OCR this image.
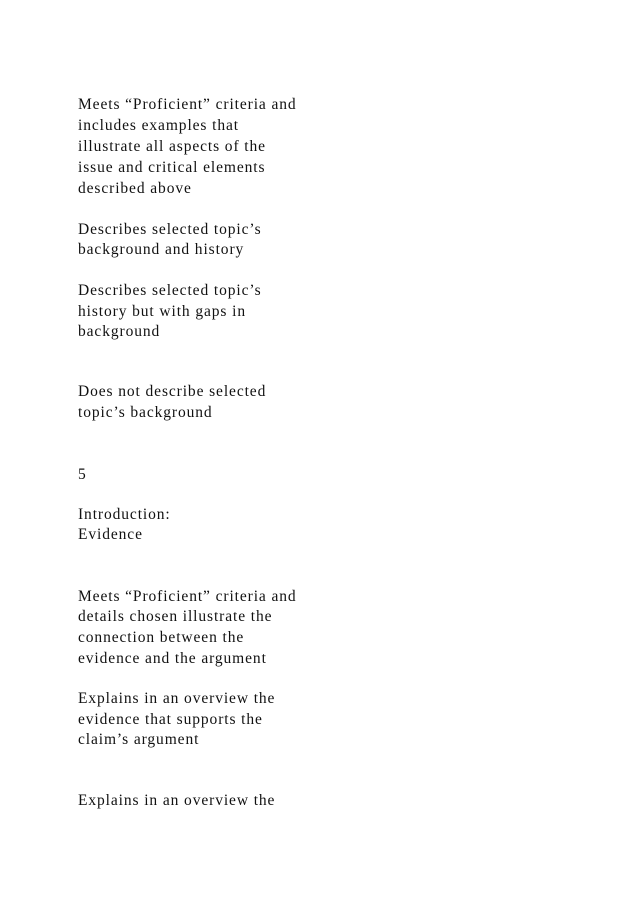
Meets “Proficient” criteria and
includes examples that
illustrate all aspects of the
issue and critical elements
described above
Describes selected topic’s
background and history
Describes selected topic’s
history but with gaps in
background
Does not describe selected
topic’s background
5
Introduction:
Evidence
Meets “Proficient” criteria and
details chosen illustrate the
connection between the
evidence and the argument
Explains in an overview the
evidence that supports the
claim’s argument
Explains in an overview the
